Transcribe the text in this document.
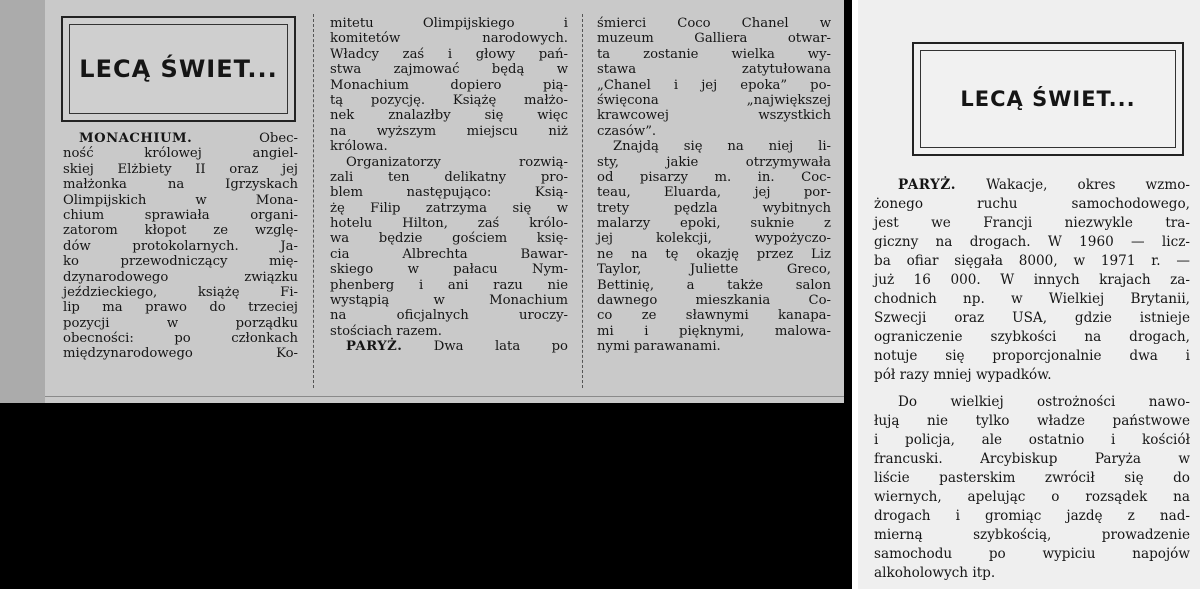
LECĄ ŚWIET...
MONACHIUM. Obec-
ność królowej angiel-
skiej Elżbiety II oraz jej
małżonka na Igrzyskach
Olimpijskich w Mona-
chium sprawiała organi-
zatorom kłopot ze wzglę-
dów protokolarnych. Ja-
ko przewodniczący mię-
dzynarodowego związku
jeździeckiego, książę Fi-
lip ma prawo do trzeciej
pozycji w porządku
obecności: po członkach
międzynarodowego Ko-
mitetu Olimpijskiego i
komitetów narodowych.
Władcy zaś i głowy pań-
stwa zajmować będą w
Monachium dopiero pią-
tą pozycję. Książę małżo-
nek znalazłby się więc
na wyższym miejscu niż
królowa.
Organizatorzy rozwią-
zali ten delikatny pro-
blem następująco: Ksią-
żę Filip zatrzyma się w
hotelu Hilton, zaś królo-
wa będzie gościem księ-
cia Albrechta Bawar-
skiego w pałacu Nym-
phenberg i ani razu nie
wystąpią w Monachium
na oficjalnych uroczy-
stościach razem.
PARYŻ. Dwa lata po
śmierci Coco Chanel w
muzeum Galliera otwar-
ta zostanie wielka wy-
stawa zatytułowana
„Chanel i jej epoka” po-
święcona „największej
krawcowej wszystkich
czasów”.
Znajdą się na niej li-
sty, jakie otrzymywała
od pisarzy m. in. Coc-
teau, Eluarda, jej por-
trety pędzla wybitnych
malarzy epoki, suknie z
jej kolekcji, wypożyczo-
ne na tę okazję przez Liz
Taylor, Juliette Greco,
Bettinię, a także salon
dawnego mieszkania Co-
co ze sławnymi kanapa-
mi i pięknymi, malowa-
nymi parawanami.
LECĄ ŚWIET...
PARYŻ. Wakacje, okres wzmo-
żonego ruchu samochodowego,
jest we Francji niezwykle tra-
giczny na drogach. W 1960 — licz-
ba ofiar sięgała 8000, w 1971 r. —
już 16 000. W innych krajach za-
chodnich np. w Wielkiej Brytanii,
Szwecji oraz USA, gdzie istnieje
ograniczenie szybkości na drogach,
notuje się proporcjonalnie dwa i
pół razy mniej wypadków.
Do wielkiej ostrożności nawo-
łują nie tylko władze państwowe
i policja, ale ostatnio i kościół
francuski. Arcybiskup Paryża w
liście pasterskim zwrócił się do
wiernych, apelując o rozsądek na
drogach i gromiąc jazdę z nad-
mierną szybkością, prowadzenie
samochodu po wypiciu napojów
alkoholowych itp.
